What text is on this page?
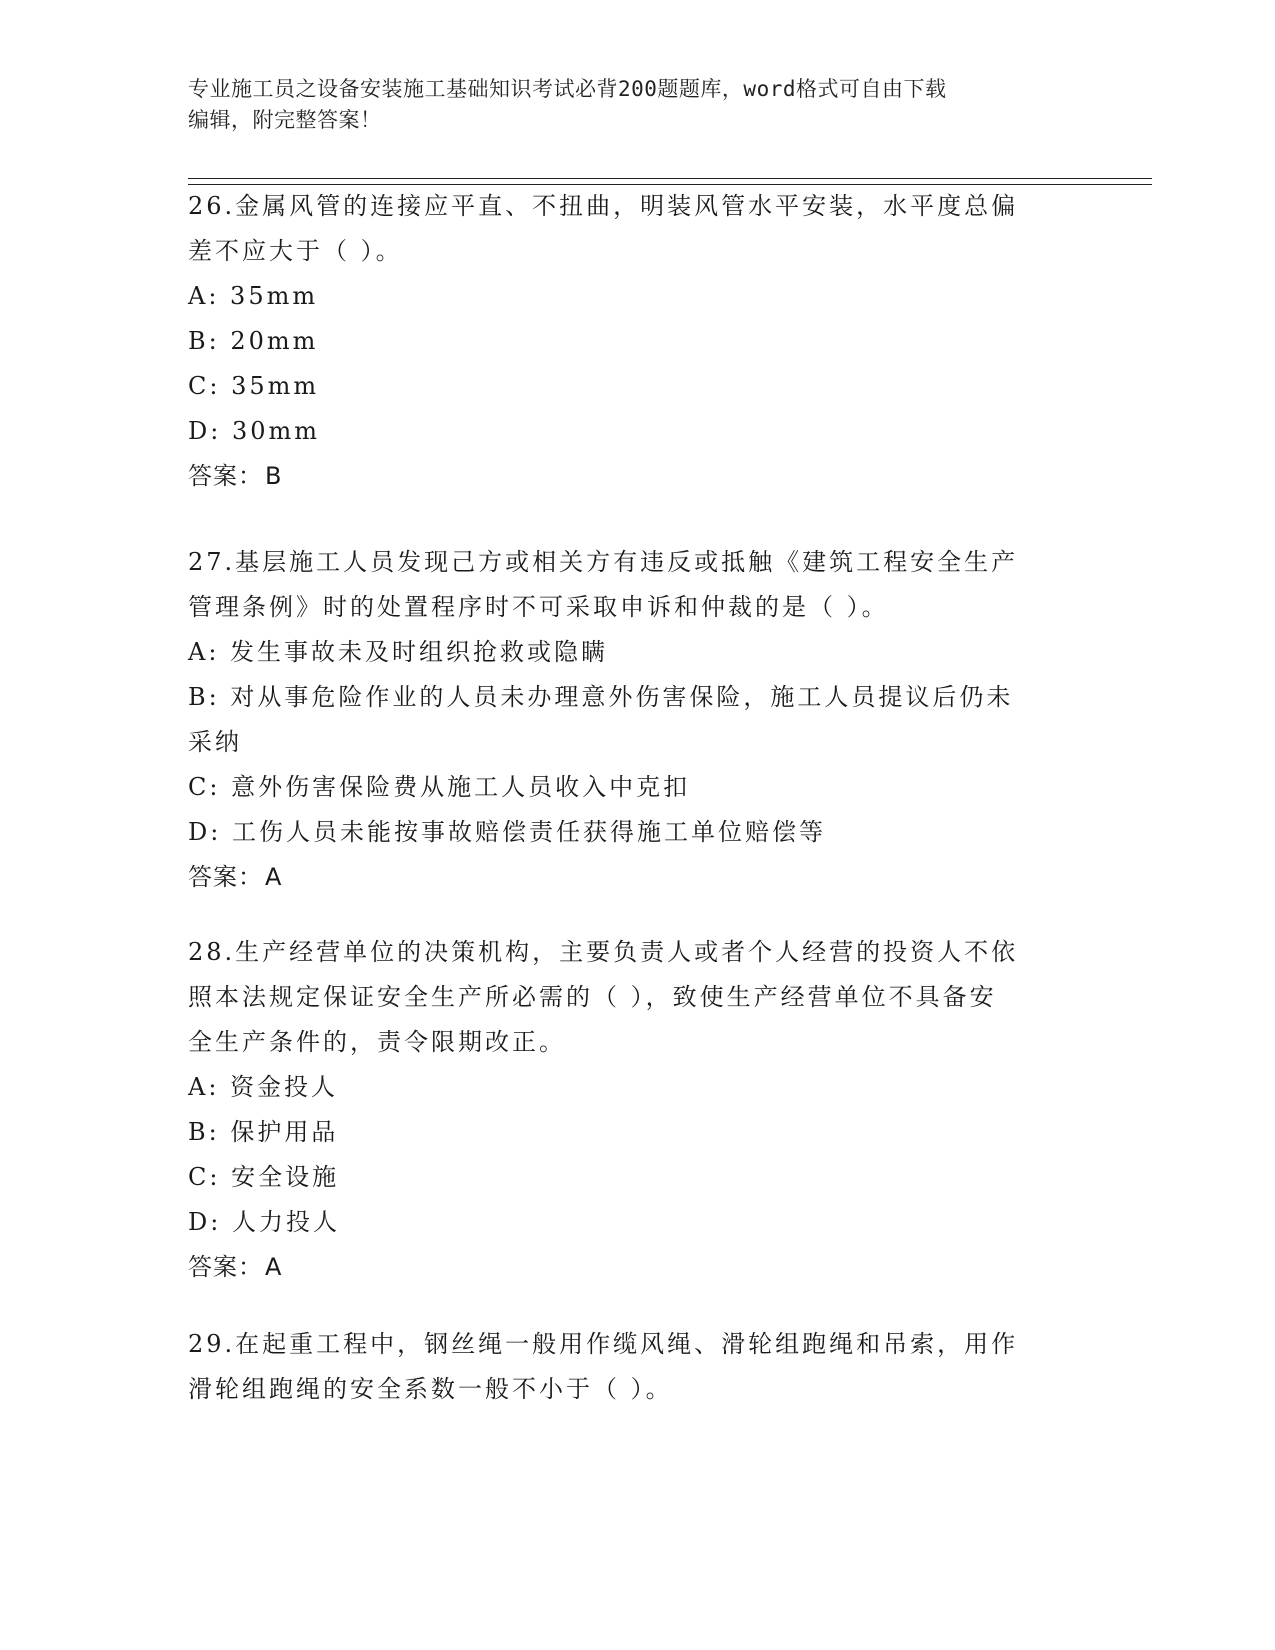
专业施工员之设备安装施工基础知识考试必背200题题库，word格式可自由下载
编辑，附完整答案！
26.金属风管的连接应平直、不扭曲，明装风管水平安装，水平度总偏
差不应大于（ ）。
A: 35mm
B: 20mm
C: 35mm
D: 30mm
答案：B
27.基层施工人员发现己方或相关方有违反或抵触《建筑工程安全生产
管理条例》时的处置程序时不可采取申诉和仲裁的是（ ）。
A: 发生事故未及时组织抢救或隐瞒
B: 对从事危险作业的人员未办理意外伤害保险，施工人员提议后仍未
采纳
C: 意外伤害保险费从施工人员收入中克扣
D: 工伤人员未能按事故赔偿责任获得施工单位赔偿等
答案：A
28.生产经营单位的决策机构，主要负责人或者个人经营的投资人不依
照本法规定保证安全生产所必需的（ ），致使生产经营单位不具备安
全生产条件的，责令限期改正。
A: 资金投人
B: 保护用品
C: 安全设施
D: 人力投人
答案：A
29.在起重工程中，钢丝绳一般用作缆风绳、滑轮组跑绳和吊索，用作
滑轮组跑绳的安全系数一般不小于（ ）。
